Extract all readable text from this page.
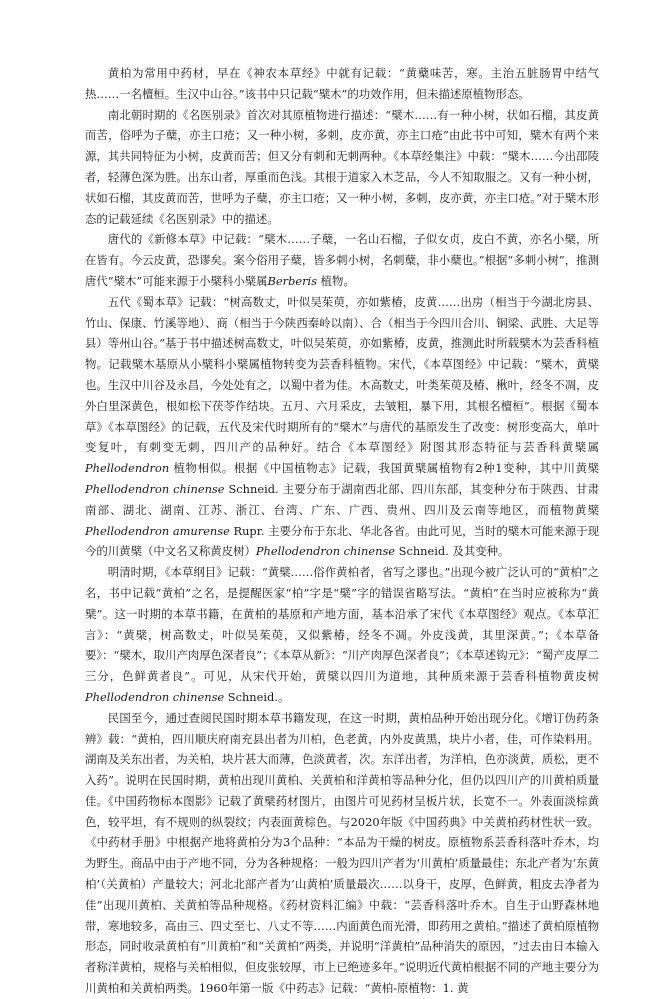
黄柏为常用中药材，早在《神农本草经》中就有记载：“黄蘗味苦，寒。主治五脏肠胃中结气热……一名檀桓。生汉中山谷。”该书中只记载“檗木”的功效作用，但未描述原植物形态。

南北朝时期的《名医别录》首次对其原植物进行描述：“檗木……有一种小树，状如石榴，其皮黄而苦，俗呼为子蘖，亦主口疮；又一种小树，多刺，皮亦黄，亦主口疮”由此书中可知，檗木有两个来源，其共同特征为小树，皮黄而苦；但又分有刺和无刺两种。《本草经集注》中载：“檗木……今出邵陵者，轻薄色深为胜。出东山者，厚重而色浅。其根于道家入木芝品，今人不知取服之。又有一种小树，状如石榴，其皮黄而苦，世呼为子蘖，亦主口疮；又一种小树，多刺，皮亦黄，亦主口疮。”对于檗木形态的记载延续《名医别录》中的描述。

唐代的《新修本草》中记载：“檗木……子蘖，一名山石榴，子似女贞，皮白不黄，亦名小檗，所在皆有。今云皮黄，恐谬矣。案今俗用子蘖，皆多刺小树，名刺蘖，非小蘖也。”根据“多刺小树”，推测唐代“檗木”可能来源于小檗科小檗属Berberis 植物。

五代《蜀本草》记载：“树高数丈，叶似吴茱萸，亦如紫椿，皮黄……出房（相当于今湖北房县、竹山、保康、竹溪等地）、商（相当于今陕西秦岭以南）、合（相当于今四川合川、铜梁、武胜、大足等县）等州山谷。”基于书中描述树高数丈，叶似吴茱萸，亦如紫椿，皮黄，推测此时所载檗木为芸香科植物。记载檗木基原从小檗科小檗属植物转变为芸香科植物。宋代，《本草图经》中记载：“檗木，黄檗也。生汉中川谷及永昌，今处处有之，以蜀中者为佳。木高数丈，叶类茱萸及椿、楸叶，经冬不凋，皮外白里深黄色，根如松下茯苓作结块。五月、六月采皮，去皱粗，暴下用，其根名檀桓”。根据《蜀本草》《本草图经》的记载，五代及宋代时期所有的“檗木”与唐代的基原发生了改变：树形变高大，单叶变复叶，有刺变无刺，四川产的品种好。结合《本草图经》附图其形态特征与芸香科黄檗属Phellodendron 植物相似。根据《中国植物志》记载，我国黄檗属植物有2种1变种，其中川黄檗Phellodendron chinense Schneid. 主要分布于湖南西北部、四川东部，其变种分布于陕西、甘肃南部、湖北、湖南、江苏、浙江、台湾、广东、广西、贵州、四川及云南等地区，而植物黄檗Phellodendron amurense Rupr. 主要分布于东北、华北各省。由此可见，当时的檗木可能来源于现今的川黄檗（中文名又称黄皮树）Phellodendron chinense Schneid. 及其变种。

明清时期，《本草纲目》记载：“黄檗……俗作黄柏者，省写之谬也。”出现今被广泛认可的“黄柏”之名，书中记载“黄柏”之名，是提醒医家“柏”字是“檗”字的错误省略写法。“黄柏”在当时应被称为“黄檗”。这一时期的本草书籍，在黄柏的基原和产地方面，基本沿承了宋代《本草图经》观点。《本草汇言》：“黄檗，树高数丈，叶似吴茱萸，又似紫椿，经冬不凋。外皮浅黄，其里深黄。”；《本草备要》：“檗木，取川产肉厚色深者良”；《本草从新》：“川产肉厚色深者良”；《本草述钩元》：“蜀产皮厚二三分，色鲜黄者良”。可见，从宋代开始，黄檗以四川为道地，其种质来源于芸香科植物黄皮树Phellodendron chinense Schneid.。

民国至今，通过查阅民国时期本草书籍发现，在这一时期，黄柏品种开始出现分化。《增订伪药条辨》载：“黄柏，四川顺庆府南充县出者为川柏，色老黄，内外皮黄黑，块片小者，佳，可作染料用。湖南及关东出者，为关柏，块片甚大而薄，色淡黄者，次。东洋出者，为洋柏，色亦淡黄，质松，更不入药”。说明在民国时期，黄柏出现川黄柏、关黄柏和洋黄柏等品种分化，但仍以四川产的川黄柏质量佳。《中国药物标本图影》记载了黄檗药材图片，由图片可见药材呈板片状，长宽不一。外表面淡棕黄色，较平坦，有不规则的纵裂纹；内表面黄棕色。与2020年版《中国药典》中关黄柏药材性状一致。《中药材手册》中根据产地将黄柏分为3个品种：“本品为干燥的树皮。原植物系芸香科落叶乔木，均为野生。商品中由于产地不同，分为各种规格：一般为四川产者为‘川黄柏’质量最佳；东北产者为‘东黄柏’（关黄柏）产量较大；河北北部产者为‘山黄柏’质量最次……以身干，皮厚，色鲜黄，粗皮去净者为佳”出现川黄柏、关黄柏等品种规格。《药材资料汇编》中载：“芸香科落叶乔木。自生于山野森林地带，寒地较多，高由三、四丈至七、八丈不等……内面黄色而光滑，即药用之黄柏。”描述了黄柏原植物形态，同时收录黄柏有“川黄柏”和“关黄柏”两类，并说明“洋黄柏”品种消失的原因，“过去由日本输入者称洋黄柏，规格与关柏相似，但皮张较厚，市上已绝迹多年。”说明近代黄柏根据不同的产地主要分为川黄柏和关黄柏两类。1960年第一版《中药志》记载：“黄柏-原植物：1. 黄
